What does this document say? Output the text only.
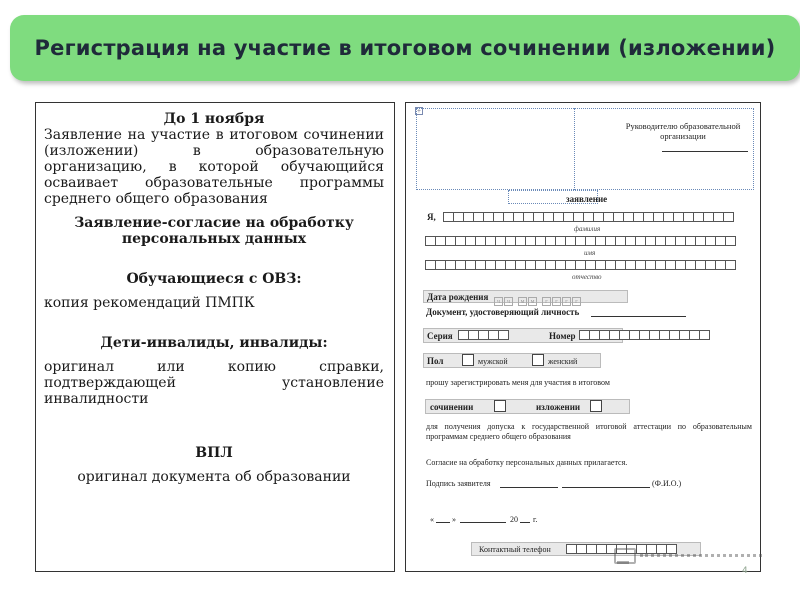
Регистрация на участие в итоговом сочинении (изложении)
До 1 ноября
Заявление на участие в итоговом сочинении (изложении) в образовательную организацию, в которой обучающийся осваивает образовательные программы среднего общего образования
Заявление-согласие на обработку персональных данных
Обучающиеся с ОВЗ:
копия рекомендаций ПМПК
Дети-инвалиды, инвалиды:
оригинал или копию справки, подтверждающей установление инвалидности
ВПЛ
оригинал документа об образовании
+
Руководителю образовательной организации
заявление
Я,
фамилия
имя
отчество
Дата рождения	ч ч м м г г г г
Документ, удостоверяющий личность
Серия	Номер
Пол	мужской	женский
прошу зарегистрировать меня для участия в итоговом
сочинении	изложении
для получения допуска к государственной итоговой аттестации по образовательным программам среднего общего образования
Согласие на обработку персональных данных прилагается.
Подпись заявителя	(Ф.И.О.)
« »	20 г.
Контактный телефон
4
